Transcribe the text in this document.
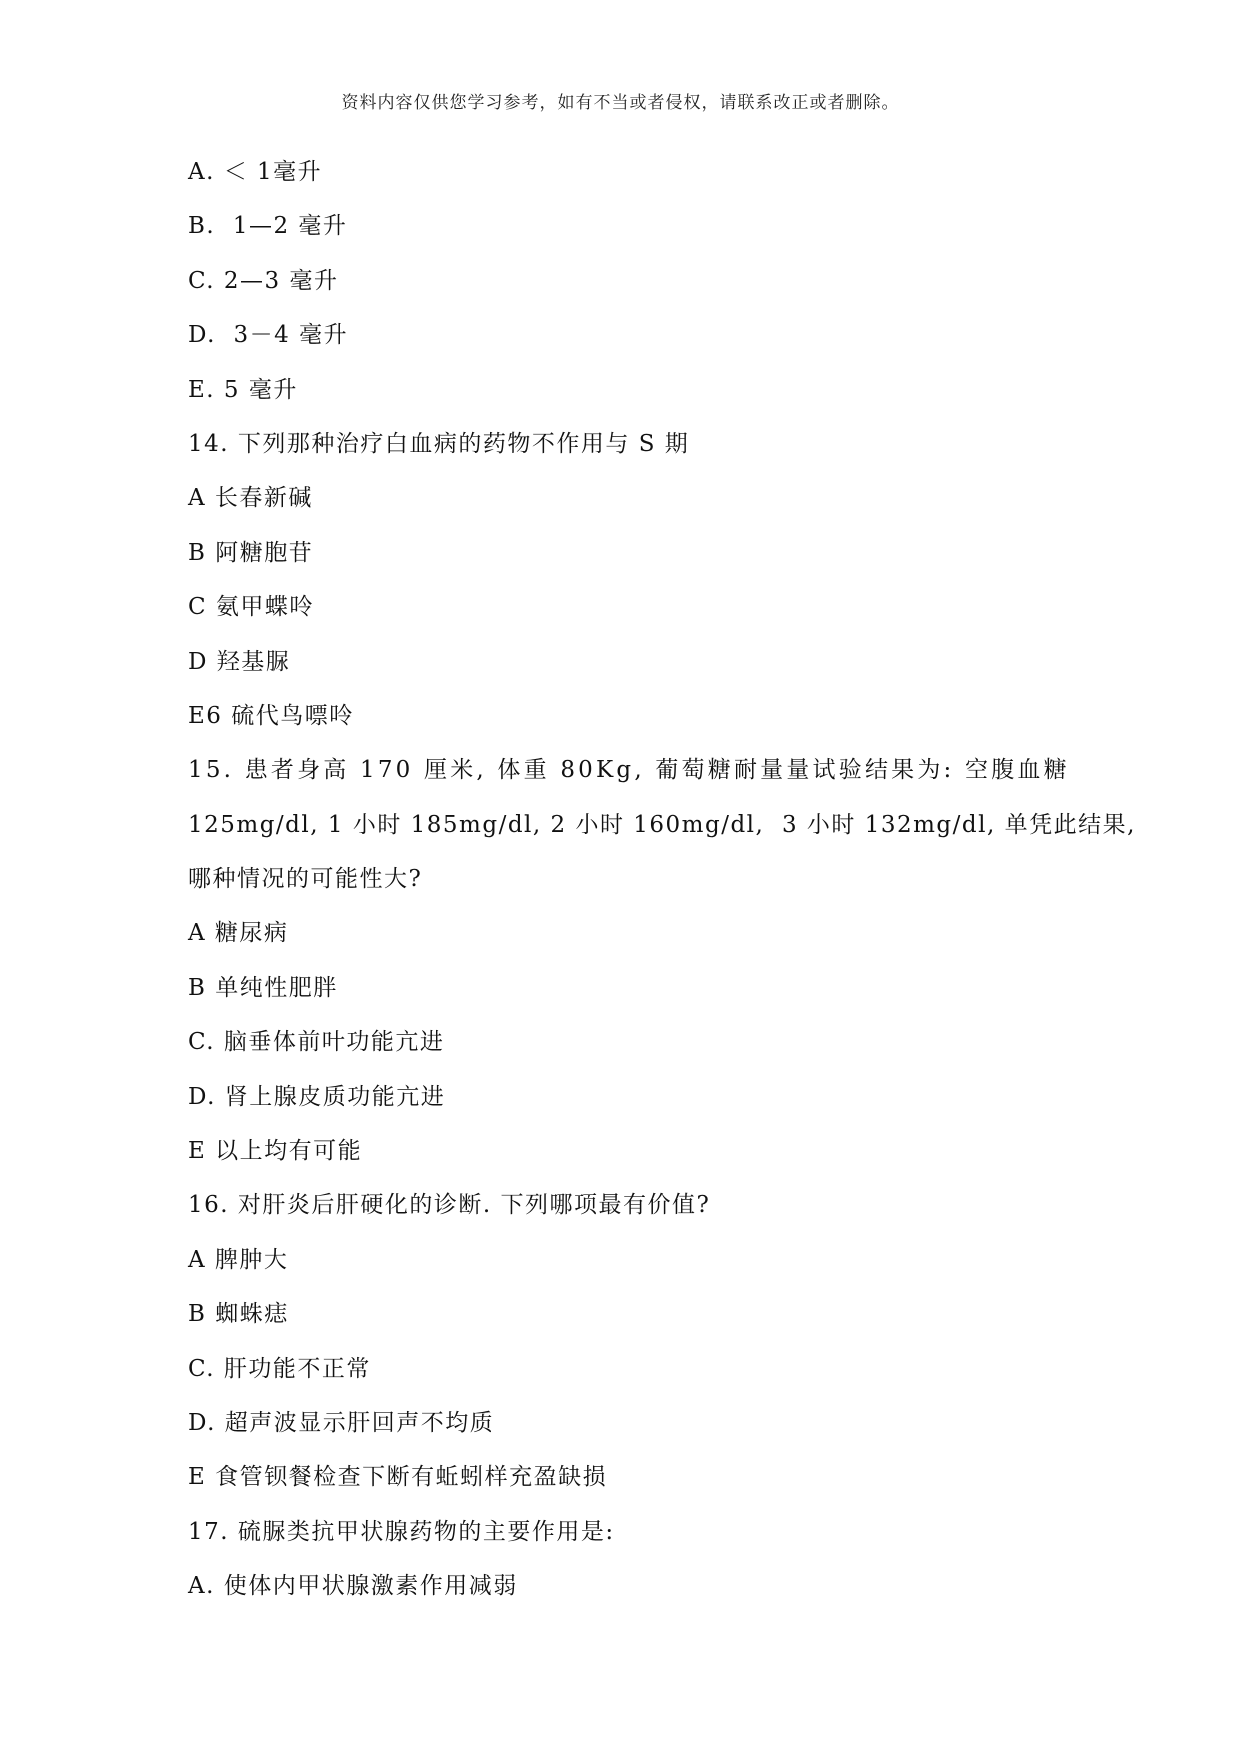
资料内容仅供您学习参考，如有不当或者侵权，请联系改正或者删除。
A. ＜ 1毫升
B.  1—2 毫升
C. 2—3 毫升
D.  3－4 毫升
E. 5 毫升
14. 下列那种治疗白血病的药物不作用与 S 期
A 长春新碱
B 阿糖胞苷
C 氨甲蝶呤
D 羟基脲
E6 硫代鸟嘌呤
15. 患者身高 170 厘米, 体重 80Kg, 葡萄糖耐量量试验结果为: 空腹血糖
125mg/dl, 1 小时 185mg/dl, 2 小时 160mg/dl,  3 小时 132mg/dl, 单凭此结果,
哪种情况的可能性大?
A 糖尿病
B 单纯性肥胖
C. 脑垂体前叶功能亢进
D. 肾上腺皮质功能亢进
E 以上均有可能
16. 对肝炎后肝硬化的诊断. 下列哪项最有价值?
A 脾肿大
B 蜘蛛痣
C. 肝功能不正常
D. 超声波显示肝回声不均质
E 食管钡餐检查下断有蚯蚓样充盈缺损
17. 硫脲类抗甲状腺药物的主要作用是:
A. 使体内甲状腺激素作用减弱
